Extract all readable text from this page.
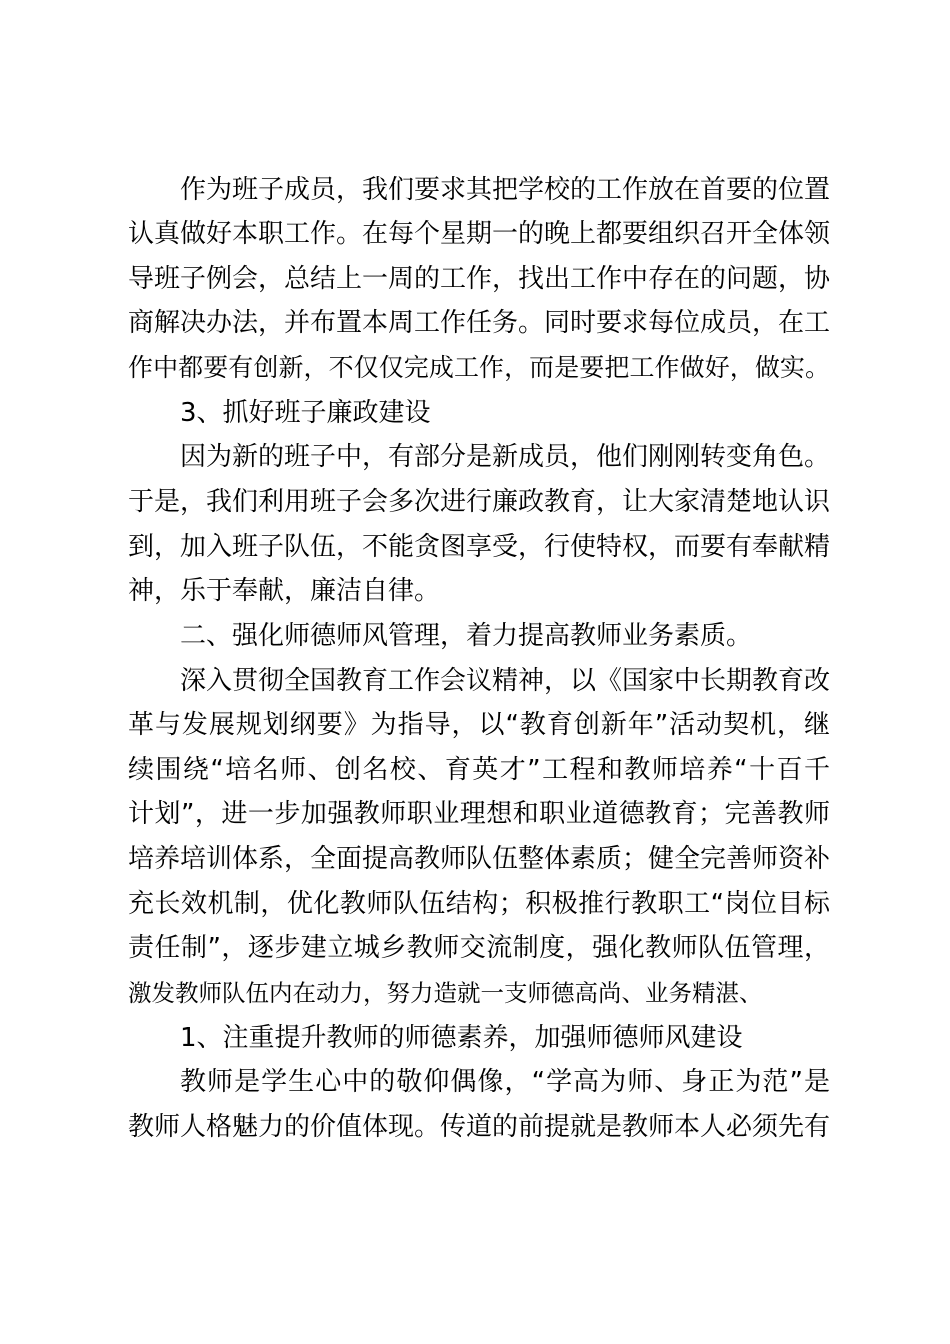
作为班子成员，我们要求其把学校的工作放在首要的位置
认真做好本职工作。在每个星期一的晚上都要组织召开全体领
导班子例会，总结上一周的工作，找出工作中存在的问题，协
商解决办法，并布置本周工作任务。同时要求每位成员，在工
作中都要有创新，不仅仅完成工作，而是要把工作做好，做实。
3、抓好班子廉政建设
因为新的班子中，有部分是新成员，他们刚刚转变角色。
于是，我们利用班子会多次进行廉政教育，让大家清楚地认识
到，加入班子队伍，不能贪图享受，行使特权，而要有奉献精
神，乐于奉献，廉洁自律。
二、强化师德师风管理，着力提高教师业务素质。
深入贯彻全国教育工作会议精神，以《国家中长期教育改
革与发展规划纲要》为指导，以“教育创新年”活动契机，继
续围绕“培名师、创名校、育英才”工程和教师培养“十百千
计划”，进一步加强教师职业理想和职业道德教育；完善教师
培养培训体系，全面提高教师队伍整体素质；健全完善师资补
充长效机制，优化教师队伍结构；积极推行教职工“岗位目标
责任制”，逐步建立城乡教师交流制度，强化教师队伍管理，
激发教师队伍内在动力，努力造就一支师德高尚、业务精湛、
1、注重提升教师的师德素养，加强师德师风建设
教师是学生心中的敬仰偶像，“学高为师、身正为范”是
教师人格魅力的价值体现。传道的前提就是教师本人必须先有
